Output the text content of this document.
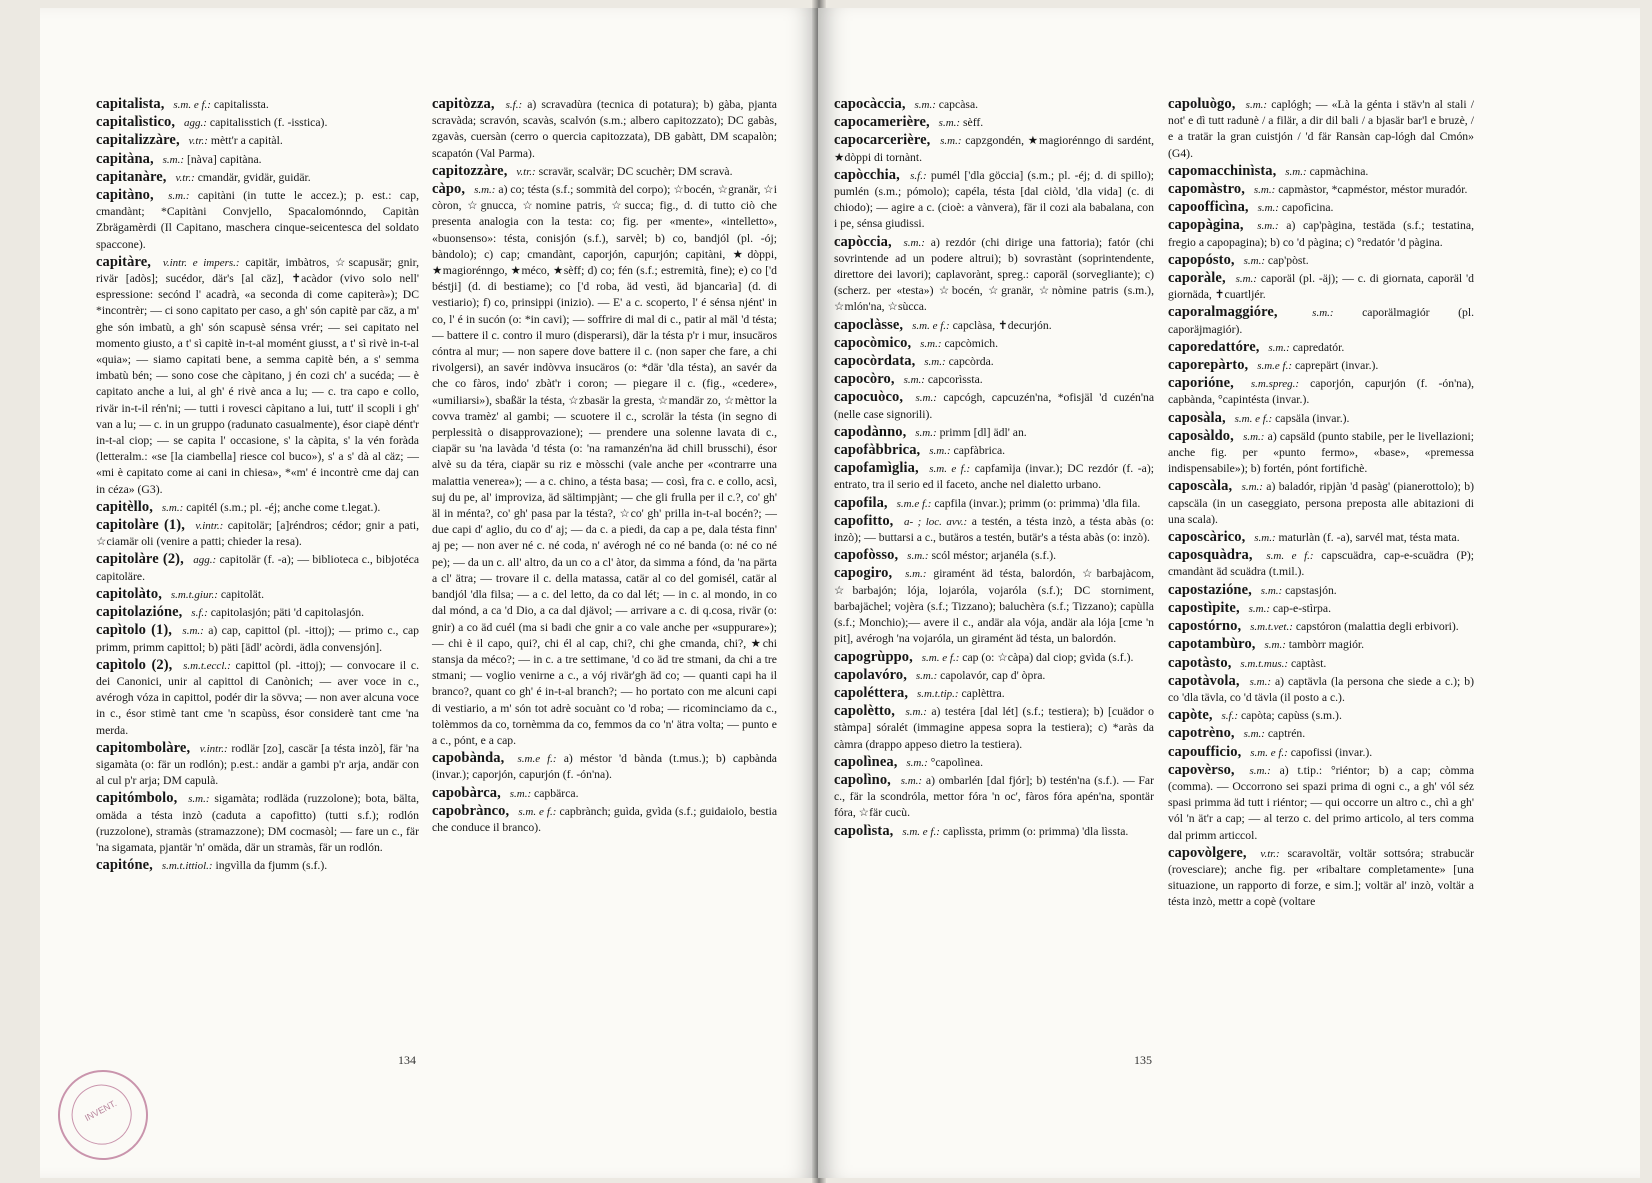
capitalista, s.m. e f.: capitalissta.

capitalìstico, agg.: capitalisstich (f. -isstica).

capitalizzàre, v.tr.: mètt'r a capitàl.

capitàna, s.m.: [nàva] capitàna.

capitanàre, v.tr.: cmandär, gvidär, guidär.

capitàno, s.m.: capitàni (in tutte le accez.); p. est.: cap, cmandànt; *Capitàni Convjello, Spacalomónndo, Capitàn Zbrägamèrdi (Il Capitano, maschera cinque-seicentesca del soldato spaccone).

capitàre, v.intr. e impers.: capitär, imbàtros, ☆scapusär; gnir, rivär [adòs]; sucédor, där's [al cäz], ✝acàdor (vivo solo nell' espressione: secónd l' acadrà, «a seconda di come capiterà»); DC *incontrèr; — ci sono capitato per caso, a gh' són capitè par cäz, a m' ghe són imbatù, a gh' són scapusè sénsa vrér; — sei capitato nel momento giusto, a t' sì capitè in-t-al momént giusst, a t' sì rivè in-t-al «quia»; — siamo capitati bene, a semma capitè bén, a s' semma imbatù bén; — sono cose che càpitano, j én cozi ch' a sucéda; — è capitato anche a lui, al gh' é rivè anca a lu; — c. tra capo e collo, rivär in-t-il rén'ni; — tutti i rovesci càpitano a lui, tutt' il scopli i gh' van a lu; — c. in un gruppo (radunato casualmente), ésor ciapè dént'r in-t-al ciop; — se capita l' occasione, s' la càpita, s' la vén foràda (letteralm.: «se [la ciambella] riesce col buco»), s' a s' dà al cäz; — «mi è capitato come ai cani in chiesa», *«m' é incontrè cme daj can in céza» (G3).

capitèllo, s.m.: capitél (s.m.; pl. -éj; anche come t.legat.).

capitolàre (1), v.intr.: capitolär; [a]réndros; cédor; gnir a pati, ☆ciamär oli (venire a patti; chieder la resa).

capitolàre (2), agg.: capitolär (f. -a); — biblioteca c., bibjotéca capitoläre.

capitolàto, s.m.t.giur.: capitolät.

capitolazióne, s.f.: capitolasjón; päti 'd capitolasjón.

capìtolo (1), s.m.: a) cap, capittol (pl. -ittoj); — primo c., cap primm, primm capittol; b) päti [ädl' acòrdi, ädla convensjón].

capìtolo (2), s.m.t.eccl.: capittol (pl. -ittoj); — convocare il c. dei Canonici, unir al capittol di Canònich; — aver voce in c., avérogh vóza in capittol, podér dir la sövva; — non aver alcuna voce in c., ésor stimè tant cme 'n scapùss, ésor considerè tant cme 'na merda.

capitombolàre, v.intr.: rodlär [zo], cascär [a tésta inzò], fär 'na sigamàta (o: fär un rodlón); p.est.: andär a gambi p'r arja, andär con al cul p'r arja; DM capulà.

capitómbolo, s.m.: sigamàta; rodläda (ruzzolone); bota, bälta, omäda a tésta inzò (caduta a capofitto) (tutti s.f.); rodlón (ruzzolone), stramàs (stramazzone); DM cocmasòl; — fare un c., fär 'na sigamata, pjantär 'n' omäda, där un stramàs, fär un rodlón.

capitóne, s.m.t.ittiol.: ingvìlla da fjumm (s.f.).

capitòzza, s.f.: a) scravadùra (tecnica di potatura); b) gàba, pjanta scravàda; scravón, scavàs, scalvón (s.m.; albero capitozzato); DC gabàs, zgavàs, cuersàn (cerro o quercia capitozzata), DB gabàtt, DM scapalòn; scapatón (Val Parma).

capitozzàre, v.tr.: scravär, scalvär; DC scuchèr; DM scravà.

càpo, s.m.: a) co; tésta (s.f.; sommità del corpo); ☆bocén, ☆granär, ☆i còron, ☆gnucca, ☆nomine patris, ☆succa; fig., d. di tutto ciò che presenta analogia con la testa: co; fig. per «mente», «intelletto», «buonsenso»: tésta, conisjón (s.f.), sarvèl; b) co, bandjól (pl. -ój; bàndolo); c) cap; cmandànt, caporjón, capurjón; capitàni, ★dòppi, ★magiorénngo, ★méco, ★sèff; d) co; fén (s.f.; estremità, fine); e) co ['d béstji] (d. di bestiame); co ['d roba, äd vestì, äd bjancarìa] (d. di vestiario); f) co, prinsippi (inizio). — E' a c. scoperto, l' é sénsa njént' in co, l' é in sucón (o: *in cavi); — soffrire di mal di c., patir al mäl 'd tésta; — battere il c. contro il muro (disperarsi), där la tésta p'r i mur, insucäros cóntra al mur; — non sapere dove battere il c. (non saper che fare, a chi rivolgersi), an savér indòvva insucäros (o: *där 'dla tésta), an savér da che co fàros, indo' zbàt'r i coron; — piegare il c. (fig., «cedere», «umiliarsi»), sbaßär la tésta, ☆zbasär la gresta, ☆mandär zo, ☆mèttor la covva tramèz' al gambi; — scuotere il c., scrolär la tésta (in segno di perplessità o disapprovazione); — prendere una solenne lavata di c., ciapär su 'na lavàda 'd tésta (o: 'na ramanzén'na äd chill brusschi), ésor alvè su da téra, ciapär su riz e mòsschi (vale anche per «contrarre una malattia venerea»); — a c. chino, a tésta basa; — così, fra c. e collo, acsì, suj du pe, al' improviza, äd sältimpjànt; — che gli frulla per il c.?, co' gh' äl in ménta?, co' gh' pasa par la tésta?, ☆co' gh' prilla in-t-al bocén?; — due capi d' aglio, du co d' aj; — da c. a piedi, da cap a pe, dala tésta finn' aj pe; — non aver né c. né coda, n' avérogh né co né banda (o: né co né pe); — da un c. all' altro, da un co a cl' àtor, da simma a fónd, da 'na pärta a cl' ätra; — trovare il c. della matassa, catär al co del gomisél, catär al bandjól 'dla filsa; — a c. del letto, da co dal lét; — in c. al mondo, in co dal mónd, a ca 'd Dio, a ca dal djävol; — arrivare a c. di q.cosa, rivär (o: gnir) a co äd cuél (ma si badi che gnir a co vale anche per «suppurare»); — chi è il capo, qui?, chi él al cap, chi?, chi ghe cmanda, chi?, ★chi stansja da méco?; — in c. a tre settimane, 'd co äd tre stmani, da chi a tre stmani; — voglio venirne a c., a vój rivär'gh äd co; — quanti capi ha il branco?, quant co gh' é in-t-al branch?; — ho portato con me alcuni capi di vestiario, a m' són tot adrè socuànt co 'd roba; — ricominciamo da c., tolèmmos da co, tornèmma da co, femmos da co 'n' ätra volta; — punto e a c., pónt, e a cap.

capobànda, s.m.e f.: a) méstor 'd bànda (t.mus.); b) capbànda (invar.); caporjón, capurjón (f. -ón'na).

capobàrca, s.m.: capbärca.

capobrànco, s.m. e f.: capbrànch; guìda, gvìda (s.f.; guidaiolo, bestia che conduce il branco).

134
INVENT.

capocàccia, s.m.: capcàsa.

capocamerière, s.m.: sèff.

capocarcerière, s.m.: capzgondén, ★magiorénngo di sardént, ★dòppi di tornànt.

capòcchia, s.f.: pumél ['dla göccia] (s.m.; pl. -éj; d. di spillo); pumlén (s.m.; pómolo); capéla, tésta [dal ciòld, 'dla vida] (c. di chiodo); — agire a c. (cioè: a vànvera), fär il cozi ala babalana, con i pe, sénsa giudissi.

capòccia, s.m.: a) rezdór (chi dirige una fattoria); fatór (chi sovrintende ad un podere altrui); b) sovrastànt (soprintendente, direttore dei lavori); caplavorànt, spreg.: caporäl (sorvegliante); c) (scherz. per «testa») ☆bocén, ☆granär, ☆nòmine patris (s.m.), ☆mlón'na, ☆sùcca.

capoclàsse, s.m. e f.: capclàsa, ✝decurjón.

capocòmico, s.m.: capcòmich.

capocòrdata, s.m.: capcòrda.

capocòro, s.m.: capcorìssta.

capocuòco, s.m.: capcógh, capcuzén'na, *ofisjäl 'd cuzén'na (nelle case signorili).

capodànno, s.m.: primm [dl] ädl' an.

capofàbbrica, s.m.: capfàbrica.

capofamìglia, s.m. e f.: capfamìja (invar.); DC rezdór (f. -a); entrato, tra il serio ed il faceto, anche nel dialetto urbano.

capofila, s.m.e f.: capfila (invar.); primm (o: primma) 'dla fila.

capofitto, a- ; loc. avv.: a testén, a tésta inzò, a tésta abàs (o: inzò); — buttarsi a c., butäros a testén, butär's a tésta abàs (o: inzò).

capofòsso, s.m.: scól méstor; arjanéla (s.f.).

capogiro, s.m.: giramént äd tésta, balordón, ☆barbajàcom, ☆barbajón; lója, lojaróla, vojaróla (s.f.); DC storniment, barbajächel; vojèra (s.f.; Tizzano); baluchèra (s.f.; Tizzano); capùlla (s.f.; Monchio);— avere il c., andär ala vója, andär ala lója [cme 'n pit], avérogh 'na vojaróla, un giramént äd tésta, un balordón.

capogrùppo, s.m. e f.: cap (o: ☆càpa) dal ciop; gvìda (s.f.).

capolavóro, s.m.: capolavór, cap d' òpra.

capoléttera, s.m.t.tip.: caplèttra.

capolètto, s.m.: a) testéra [dal lét] (s.f.; testiera); b) [cuädor o stàmpa] sóralét (immagine appesa sopra la testiera); c) *aràs da càmra (drappo appeso dietro la testiera).

capolìnea, s.m.: °capolìnea.

capolìno, s.m.: a) ombarlén [dal fjór]; b) testén'na (s.f.). — Far c., fär la scondróla, mettor fóra 'n oc', fàros fóra apén'na, spontär fóra, ☆fär cucù.

capolìsta, s.m. e f.: caplìssta, primm (o: primma) 'dla lìssta.

capoluògo, s.m.: caplógh; — «Là la génta i stäv'n al stali / not' e dì tutt radunè / a filär, a dir dil bali / a bjasär bar'l e bruzè, / e a tratär la gran cuistjón / 'd fär Ransàn cap-lógh dal Cmón» (G4).

capomacchinìsta, s.m.: capmàchina.

capomàstro, s.m.: capmàstor, *capméstor, méstor muradór.

capoofficìna, s.m.: capofìcina.

capopàgina, s.m.: a) cap'pàgina, testäda (s.f.; testatina, fregio a capopagina); b) co 'd pàgina; c) °redatór 'd pàgina.

capopósto, s.m.: cap'pòst.

caporàle, s.m.: caporäl (pl. -äj); — c. di giornata, caporäl 'd giornäda, ✝cuartljér.

caporalmaggióre,	s.m.: caporälmagiór (pl. caporäjmagiór).

caporedattóre, s.m.: capredatór.

caporepàrto, s.m.e f.: caprepärt (invar.).

caporióne, s.m.spreg.: caporjón, capurjón (f. -ón'na), capbànda, °capintésta (invar.).

caposàla, s.m. e f.: capsäla (invar.).

caposàldo, s.m.: a) capsäld (punto stabile, per le livellazioni; anche fig. per «punto fermo», «base», «premessa indispensabile»); b) fortén, pónt fortifichè.

caposcàla, s.m.: a) baladór, ripjàn 'd pasàg' (pianerottolo); b) capscäla (in un caseggiato, persona preposta alle abitazioni di una scala).

caposcàrico, s.m.: maturlàn (f. -a), sarvél mat, tésta mata.

caposquàdra, s.m. e f.: capscuädra, cap-e-scuädra (P); cmandànt äd scuädra (t.mil.).

capostazióne, s.m.: capstasjón.

capostìpite, s.m.: cap-e-stìrpa.

capostórno, s.m.t.vet.: capstóron (malattia degli erbivori).

capotambùro, s.m.: tambòrr magiór.

capotàsto, s.m.t.mus.: captàst.

capotàvola, s.m.: a) captävla (la persona che siede a c.); b) co 'dla tävla, co 'd tävla (il posto a c.).

capòte, s.f.: capòta; capùss (s.m.).

capotrèno, s.m.: captrén.

capoufficio, s.m. e f.: capofissi (invar.).

capovèrso, s.m.: a) t.tip.: °riéntor; b) a cap; còmma (comma). — Occorrono sei spazi prima di ogni c., a gh' vól séz spasi primma äd tutt i riéntor; — qui occorre un altro c., chì a gh' vól 'n ät'r a cap; — al terzo c. del primo articolo, al ters comma dal primm articcol.

capovòlgere, v.tr.: scaravoltär, voltär sottsóra; strabucär (rovesciare); anche fig. per «ribaltare completamente» [una situazione, un rapporto di forze, e sim.]; voltär al' inzò, voltär a tésta inzò, mettr a copè (voltare

135
